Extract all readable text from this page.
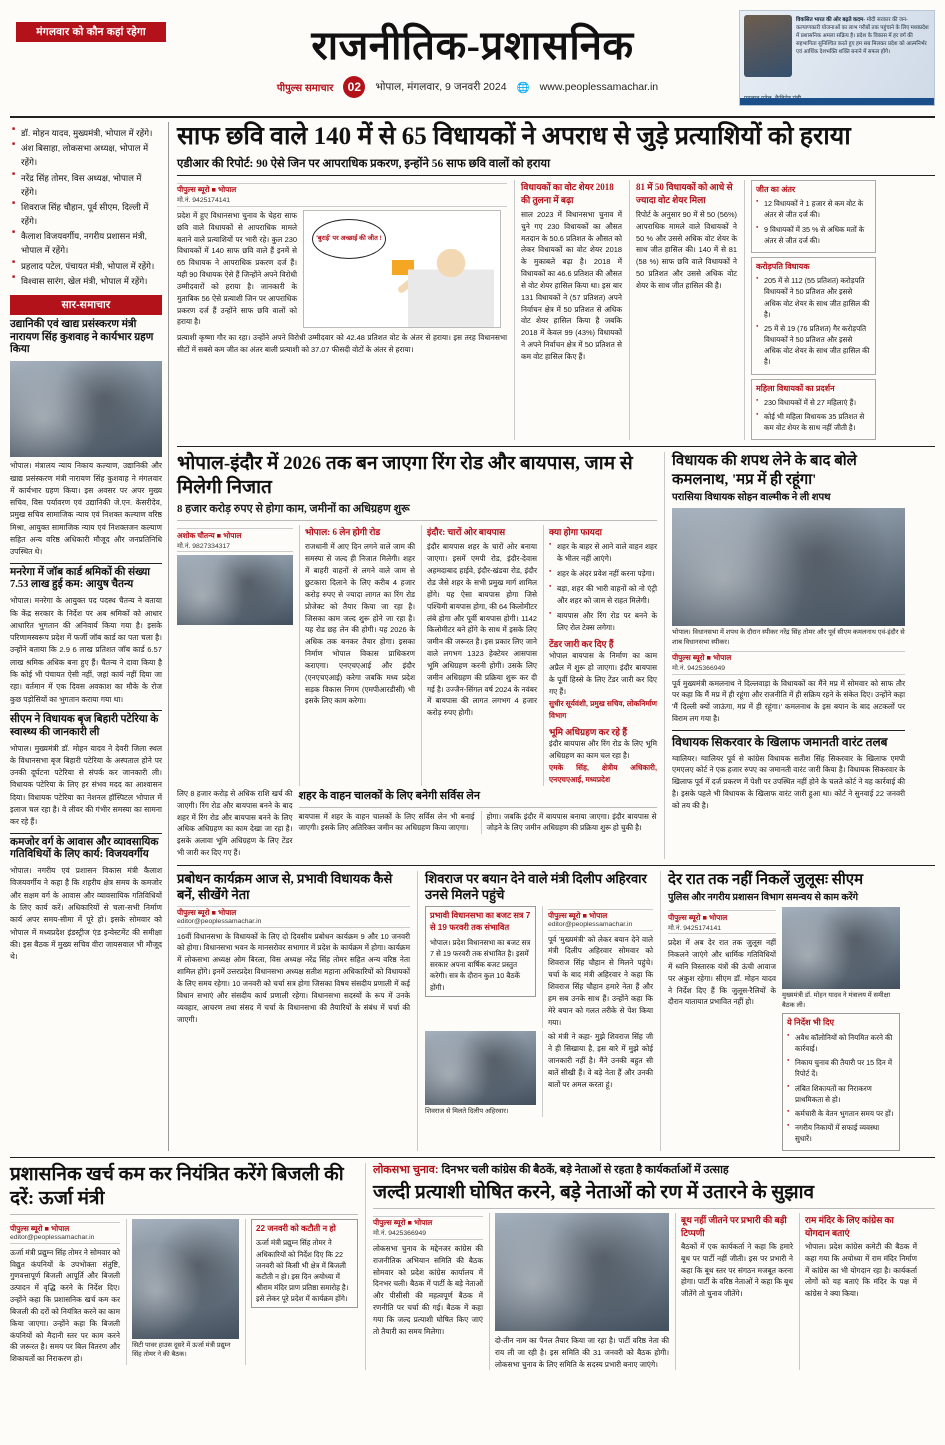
मंगलवार को कौन कहां रहेगा	राजनीतिक-प्रशासनिक
पीपुल्स समाचार	02	भोपाल, मंगलवार, 9 जनवरी 2024 🌐 www.peoplessamachar.in
विकसित भारत की ओर बढ़ते कदम- मोदी सरकार की जन-कल्याणकारी योजनाओं का लाभ गरीबों तक पहुंचाने के लिए मध्यप्रदेश में प्रशासनिक अमला सक्रिय है। प्रदेश के विकास में हर वर्ग की सहभागिता सुनिश्चित करते हुए हम सब मिलकर प्रदेश को आत्मनिर्भर एवं आर्थिक देशभक्ति शक्ति बनाने में सफल होंगे।
■ डॉ. मोहन यादव, मुख्यमंत्री, भोपाल में रहेंगे।
■ अंश बिसाहा, लोकसभा अध्यक्ष, भोपाल में रहेंगे।
■ नरेंद्र सिंह तोमर, विस अध्यक्ष, भोपाल में रहेंगे।
■ शिवराज सिंह चौहान, पूर्व सीएम, दिल्ली में रहेंगे।
■ कैलाश विजयवर्गीय, नगरीय प्रशासन मंत्री, भोपाल में रहेंगे।
■ प्रहलाद पटेल, पंचायत मंत्री, भोपाल में रहेंगे।
■ विश्वास सारंग, खेल मंत्री, भोपाल में रहेंगे।
सार-समाचार
उद्यानिकी एवं खाद्य प्रसंस्करण मंत्री नारायण सिंह कुशवाह ने कार्यभार ग्रहण किया
भोपाल। मंत्रालय न्याय निकाय कल्याण, उद्यानिकी और खाद्य प्रसंस्करण मंत्री नारायण सिंह कुशवाह ने मंगलवार में कार्यभार ग्रहण किया। इस अवसर पर अपर मुख्य सचिव, विस पर्यावरण एवं उद्यानिकी जे.एन. केसरीदेव, प्रमुख सचिव सामाजिक न्याय एवं निशक्त कल्याण वरिष्ठ मिश्रा, आयुक्त सामाजिक न्याय एवं निशक्तजन कल्याण सहित अन्य वरिष्ठ अधिकारी मौजूद और जनप्रतिनिधि उपस्थित थे।
मनरेगा में जॉब कार्ड श्रमिकों की संख्या 7.53 लाख हुई कम: आयुष चैतन्य
भोपाल। मनरेगा के आयुक्त पद पदस्थ चैतन्य ने बताया कि केंद्र सरकार के निर्देश पर अब श्रमिकों को आधार आधारित भुगतान की अनिवार्य किया गया है। इसके परिणामस्वरूप प्रदेश में फर्जी जॉब कार्ड का पता चला है। उन्होंने बताया कि 2.9 6 लाख प्रतिशत जॉब कार्ड 6.57 लाख श्रमिक अधिक बना हुए हैं। चैतन्य ने दावा किया है कि कोई भी पंचायत ऐसी नहीं, जहां कार्य नहीं दिया जा रहा। वर्तमान में एक दिवस अवकाश का मौके के रोज कुछ पड़ोसियों का भुगतान कराया गया था।
सीएम ने विधायक बृज बिहारी पटेरिया के स्वास्थ्य की जानकारी ली
भोपाल। मुख्यमंत्री डॉ. मोहन यादव ने देवरी जिला स्थल के विधानसभा बृज बिहारी पटेरिया के अस्पताल होने पर उनकी दूर्घटना पटेरिया से संपर्क कर जानकारी ली। विधायक पटेरिया के लिए हर संभव मदद का आश्वासन दिया। विधायक पटेरिया का नेशनल हॉस्पिटल भोपाल में इलाज चल रहा है। वे लीवर की गंभीर समस्या का सामना कर रहे हैं।
कमजोर वर्ग के आवास और व्यावसायिक गतिविधियों के लिए कार्य: विजयवर्गीय
भोपाल। नगरीय एवं प्रशासन विकास मंत्री कैलाश विजयवर्गीय ने कहा है कि शहरीय क्षेत्र समय के कमजोर और सक्षम वर्ग के आवास और व्यावसायिक गतिविधियों के लिए कार्य करें। अधिकारियों से चला-सभी निर्माण कार्य अपर समय-सीमा में पूरे हो। इसके सोमवार को भोपाल में मध्यप्रदेश इंडस्ट्रीज एंड इन्वेस्टमेंट की समीक्षा की। इस बैठक में मुख्य सचिव वीरा जायसवाल भी मौजूद थे।
साफ छवि वाले 140 में से 65 विधायकों ने अपराध से जुड़े प्रत्याशियों को हराया
एडीआर की रिपोर्ट: 90 ऐसे जिन पर आपराधिक प्रकरण, इन्होंने 56 साफ छवि वालों को हराया
पीपुल्स ब्यूरो ■ भोपाल
मो.नं. 9425174141
प्रदेश में हुए विधानसभा चुनाव के चेहरा साफ छवि वाले विधायकों से आपराधिक मामले बताने वाले प्रत्याशियों पर भारी रहे। कुल 230 विधायकों में 140 साफ छवि वाले हैं इनमें से 65 विधायक ने आपराधिक प्रकरण दर्ज हैं। यही 90 विधायक ऐसे हैं जिन्होंने अपने विरोधी उम्मीदवारों को हराया है। जानकारी के मुताबिक 56 ऐसे प्रत्याशी जिन पर आपराधिक प्रकरण दर्ज हैं उन्होंने साफ छवि वालों को हराया है।
'बुराई' पर अच्छाई की जीत !
प्रत्याशी कृष्णा गौर का रहा। उन्होंने अपने विरोधी उम्मीदवार को 42.48 प्रतिशत वोट के अंतर से हराया। इस तरह विधानसभा सीटों में सबसे कम जीत का अंतर बाली प्रत्याशी को 37.07 फीसदी वोटों के अंतर से हराया।
विधायकों का वोट शेयर 2018 की तुलना में बढ़ा
साल 2023 में विधानसभा चुनाव में चुने गए 230 विधायकों का औसत मतदान के 50.6 प्रतिशत के औसत को लेकर विधायकों का वोट शेयर 2018 के मुकाबले बढ़ा है। 2018 में विधायकों का 46.6 प्रतिशत की औसत से वोट शेयर हासिल किया था। इस बार 131 विधायकों ने (57 प्रतिशत) अपने निर्वाचन क्षेत्र में 50 प्रतिशत से अधिक वोट शेयर हासिल किया है जबकि 2018 में केवल 99 (43%) विधायकों ने अपने निर्वाचन क्षेत्र में 50 प्रतिशत से कम वोट हासिल किए हैं।
81 में 50 विधायकों को आधे से ज्यादा वोट शेयर मिला
रिपोर्ट के अनुसार 90 में से 50 (56%) आपराधिक मामले वाले विधायकों ने 50 % और उससे अधिक वोट शेयर के साथ जीत हासिल की। 140 में से 81 (58 %) साफ छवि वाले विधायकों ने 50 प्रतिशत और उससे अधिक वोट शेयर के साथ जीत हासिल की है।
जीत का अंतर
● 12 विधायकों ने 1 हजार से कम वोट के अंतर से जीत दर्ज की।
● 9 विधायकों में 35 % से अधिक मतों के अंतर से जीत दर्ज की।
करोड़पति विधायक
● 205 में से 112 (55 प्रतिशत) करोड़पति विधायकों ने 50 प्रतिशत और इससे अधिक वोट शेयर के साथ जीत हासिल की है।
● 25 में से 19 (76 प्रतिशत) गैर करोड़पति विधायकों ने 50 प्रतिशत और इससे अधिक वोट शेयर के साथ जीत हासिल की है।
महिला विधायकों का प्रदर्शन
● 230 विधायकों में से 27 महिलाएं हैं।
● कोई भी महिला विधायक 35 प्रतिशत से कम वोट शेयर के साथ नहीं जीती है।
भोपाल-इंदौर में 2026 तक बन जाएगा रिंग रोड और बायपास, जाम से मिलेगी निजात
8 हजार करोड़ रुपए से होगा काम, जमीनों का अधिग्रहण शुरू
अशोक चौतन्य ■ भोपाल
मो.नं. 9827334317
भोपाल: 6 लेन होगी रोड
राजधानी में आए दिन लगने वाले जाम की समस्या से जल्द ही निजात मिलेगी। शहर में बाहरी वाहनों से लगने वाले जाम से छुटकारा दिलाने के लिए करीब 4 हजार करोड़ रुपए से ज्यादा लागत का रिंग रोड प्रोजेक्ट को तैयार किया जा रहा है। जिसका काम जल्द शुरू होने जा रहा है। यह रोड छह लेन की होगी। यह 2026 के अधिक तक बनकर तैयार होगा। इसका निर्माण भोपाल विकास प्राधिकरण कराएगा। एनएचएआई और इंदौर (एनएचएआई) करेगा जबकि मध्य प्रदेश सड़क विकास निगम (एमपीआरडीसी) भी इसके लिए काम करेगा।
इंदौर: चारों ओर बायपास
इंदौर बायपास शहर के चारों ओर बनाया जाएगा। इसमें एमपी रोड, इंदौर-देवास अहमदाबाद हाईवे, इंदौर-खंडवा रोड, इंदौर रोड जैसे शहर के सभी प्रमुख मार्ग शामिल होंगे। यह ऐसा बायपास होगा जिसे पश्चिमी बायपास होगा, की 64 किलोमीटर लंबे होगा और पूर्वी बायपास होगी। 1142 किलोमीटर बने होंगे के साथ में इसके लिए जमीन की जरूरत है। इस प्रकार लिए जाने वाले लगभग 1323 हेक्टेयर आसपास भूमि अधिग्रहण करनी होगी। उसके लिए जमीन अधिग्रहण की प्रक्रिया शुरू कर दी गई है। उज्जैन-सिंगल वर्ष 2024 के नवंबर में बायपास की लागत लगभग 4 हजार करोड़ रुपए होगी।
क्या होगा फायदा
● शहर के बाहर से आने वाले वाहन शहर के भीतर नहीं आएंगे।
● शहर के अंदर प्रवेश नहीं करना पड़ेगा।
● बड़ा, शहर की भारी वाहनों को नो एंट्री और शहर को जाम से राहत मिलेगी।
● बायपास और रिंग रोड पर बनने के लिए रोल टेक्स लगेगा।
टेंडर जारी कर दिए हैं
भोपाल बायपास के निर्माण का काम अप्रैल में शुरू हो जाएगा। इंदौर बायपास के पूर्वी हिस्से के लिए टेंडर जारी कर दिए गए हैं।
सुधीर सूर्यवंशी, प्रमुख सचिव, लोकनिर्माण विभाग
भूमि अधिग्रहण कर रहे हैं
इंदौर बायपास और रिंग रोड के लिए भूमि अधिग्रहण का काम चल रहा है।
एमके सिंह, क्षेत्रीय अधिकारी, एनएचएआई, मध्यप्रदेश
लिए 8 हजार करोड़ से अधिक राशि खर्च की जाएगी। रिंग रोड और बायपास बनने के बाद शहर में रिंग रोड और बायपास बनने के लिए अधिक अधिग्रहण का काम देखा जा रहा है। इसके अलावा भूमि अधिग्रहण के लिए टेंडर भी जारी कर दिए गए हैं।
शहर के वाहन चालकों के लिए बनेगी सर्विस लेन
बायपास में शहर के वाहन चालकों के लिए सर्विस लेन भी बनाई जाएगी। इसके लिए अतिरिक्त जमीन का अधिग्रहण किया जाएगा।
होगा। जबकि इंदौर में बायपास बनाया जाएगा। इंदौर बायपास से जोड़ने के लिए जमीन अधिग्रहण की प्रक्रिया शुरू हो चुकी है।
विधायक की शपथ लेने के बाद बोले कमलनाथ, 'मप्र में ही रहूंगा'
परासिया विधायक सोहन वाल्मीक ने ली शपथ
भोपाल। विधानसभा में शपथ के दौरान स्पीकर नरेंद्र सिंह तोमर और पूर्व सीएम कमलनाथ एवं-इंदौर से शाब विधानसभा स्पीकर।
पीपुल्स ब्यूरो ■ भोपाल
मो.नं. 9425366949
पूर्व मुख्यमंत्री कमलनाथ ने दिल्लवाड़ा के विधायकों का मैंने मप्र में सोमवार को साफ तौर पर कहा कि मैं मप्र में ही रहूंगा और राजनीति में ही सक्रिय रहने के संकेत दिए। उन्होंने कहा 'मैं दिल्ली क्यों जाऊंगा, मप्र में ही रहूंगा।' कमलनाथ के इस बयान के बाद अटकलों पर विराम लग गया है।
विधायक सिकरवार के खिलाफ जमानती वारंट तलब
ग्वालियर। ग्वालियर पूर्व से कांग्रेस विधायक सतीश सिंह सिकरवार के खिलाफ एमपी एमएलए कोर्ट ने एक हजार रुपए का जमानती वारंट जारी किया है। विधायक सिकरवार के खिलाफ पूर्व में दर्ज प्रकरण में पेशी पर उपस्थित नहीं होने के चलते कोर्ट ने यह कार्रवाई की है। इसके पहले भी विधायक के खिलाफ वारंट जारी हुआ था। कोर्ट ने सुनवाई 22 जनवरी को तय की है।
प्रबोधन कार्यक्रम आज से, प्रभावी विधायक कैसे बनें, सीखेंगे नेता
पीपुल्स ब्यूरो ■ भोपाल
editor@peoplessamachar.in
16वीं विधानसभा के विधायकों के लिए दो दिवसीय प्रबोधन कार्यक्रम 9 और 10 जनवरी को होगा। विधानसभा भवन के मानसरोवर सभागार में प्रदेश के कार्यक्रम में होगा। कार्यक्रम में लोकसभा अध्यक्ष ओम बिरला, विस अध्यक्ष नरेंद्र सिंह तोमर सहित अन्य वरिष्ठ नेता शामिल होंगे। इनमें उत्तरप्रदेश विधानसभा अध्यक्ष सतीश महाना अधिकारियों को विधायकों के लिए समय रहेगा। 10 जनवरी को चर्चा सत्र होगा जिसका विषय संसदीय प्रणाली में कई विधान सभाएं और संसदीय कार्य प्रणाली रहेगा। विधानसभा सदस्यों के रूप में उनके व्यवहार, आचरण तथा संसद में चर्चा के विधानसभा की तैयारियों के संबंध में चर्चा की जाएगी।
शिवराज पर बयान देने वाले मंत्री दिलीप अहिरवार उनसे मिलने पहुंचे
प्रभावी विधानसभा का बजट सत्र 7 से 19 फरवरी तक संभावित
भोपाल। प्रदेश विधानसभा का बजट सत्र 7 से 19 फरवरी तक संभावित है। इसमें सरकार अपना वार्षिक बजट प्रस्तुत करेगी। सत्र के दौरान कुल 10 बैठकें होंगी।
पीपुल्स ब्यूरो ■ भोपाल
editor@peoplessamachar.in
पूर्व 'मुख्यमंत्री' को लेकर बयान देने वाले मंत्री दिलीप अहिरवार सोमवार को शिवराज सिंह चौहान से मिलने पहुंचे। चर्चा के बाद मंत्री अहिरवार ने कहा कि शिवराज सिंह चौहान हमारे नेता हैं और हम सब उनके साथ हैं। उन्होंने कहा कि मेरे बयान को गलत तरीके से पेश किया गया।
शिवराज से मिलते दिलीप अहिरवार।
को मंत्री ने कहा- मुझे शिवराज सिंह जी ने ही सिखाया है, इस बारे में मुझे कोई जानकारी नहीं है। मैंने उनकी बहुत सी बातें सीखी हैं। वे बड़े नेता हैं और उनकी बातों पर अमल करता हूं।
देर रात तक नहीं निकलें जुलूसः सीएम
पुलिस और नगरीय प्रशासन विभाग समन्वय से काम करेंगे
पीपुल्स ब्यूरो ■ भोपाल
मो.नं. 9425174141
प्रदेश में अब देर रात तक जुलूस नहीं निकलने जाएंगे और धार्मिक गतिविधियों में ध्वनि विस्तारक यंत्रों की ऊंची आवाज पर अंकुश रहेगा। सीएम डॉ. मोहन यादव ने निर्देश दिए हैं कि जुलूस-रैलियों के दौरान यातायात प्रभावित नहीं हो।
मुख्यमंत्री डॉ. मोहन यादव ने मंत्रालय में समीक्षा बैठक ली।
ये निर्देश भी दिए
● अवैध कॉलोनियों को नियमित करने की कार्रवाई।
● निकाय चुनाव की तैयारी पर 15 दिन में रिपोर्ट दें।
● लंबित शिकायतों का निराकरण प्राथमिकता से हो।
● कर्मचारी के वेतन भुगतान समय पर हों।
● नगरीय निकायों में सफाई व्यवस्था सुधारें।
प्रशासनिक खर्च कम कर नियंत्रित करेंगे बिजली की दरें: ऊर्जा मंत्री
पीपुल्स ब्यूरो ■ भोपाल
editor@peoplessamachar.in
ऊर्जा मंत्री प्रद्युम्न सिंह तोमर ने सोमवार को विद्युत कंपनियों के उपभोक्ता संतुष्टि, गुणवत्तापूर्ण बिजली आपूर्ति और बिजली उत्पादन में वृद्धि करने के निर्देश दिए। उन्होंने कहा कि प्रशासनिक खर्च कम कर बिजली की दरों को नियंत्रित करने का काम किया जाएगा। उन्होंने कहा कि बिजली कंपनियों को मैदानी स्तर पर काम करने की जरूरत है। समय पर बिल वितरण और शिकायतों का निराकरण हो।
सिटी पावर हाउस दूसरे में ऊर्जा मंत्री प्रद्युम्न सिंह तोमर ने की बैठक।
22 जनवरी को कटौती न हो
ऊर्जा मंत्री प्रद्युम्न सिंह तोमर ने अधिकारियों को निर्देश दिए कि 22 जनवरी को किसी भी क्षेत्र में बिजली कटौती न हो। इस दिन अयोध्या में श्रीराम मंदिर प्राण प्रतिष्ठा समारोह है। इसे लेकर पूरे प्रदेश में कार्यक्रम होंगे।
लोकसभा चुनाव: दिनभर चली कांग्रेस की बैठकें, बड़े नेताओं से रहता है कार्यकर्ताओं में उत्साह
जल्दी प्रत्याशी घोषित करने, बड़े नेताओं को रण में उतारने के सुझाव
पीपुल्स ब्यूरो ■ भोपाल
मो.नं. 9425366949
लोकसभा चुनाव के मद्देनजर कांग्रेस की राजनीतिक अभियान समिति की बैठक सोमवार को प्रदेश कांग्रेस कार्यालय में दिनभर चली। बैठक में पार्टी के बड़े नेताओं और पीसीसी की महत्वपूर्ण बैठक में रणनीति पर चर्चा की गई। बैठक में कहा गया कि जल्द प्रत्याशी घोषित किए जाएं तो तैयारी का समय मिलेगा।
दो-तीन नाम का पैनल तैयार किया जा रहा है। पार्टी वरिष्ठ नेता की राय ली जा रही है। इस समिति की 31 जनवरी को बैठक होगी। लोकसभा चुनाव के लिए समिति के सदस्य प्रभारी बनाए जाएंगे।
बूथ नहीं जीतने पर प्रभारी की बड़ी टिप्पणी
बैठकों में एक कार्यकर्ता ने कहा कि हमारे बूथ पर पार्टी नहीं जीती। इस पर प्रभारी ने कहा कि बूथ स्तर पर संगठन मजबूत करना होगा। पार्टी के वरिष्ठ नेताओं ने कहा कि बूथ जीतेंगे तो चुनाव जीतेंगे।
राम मंदिर के लिए कांग्रेस का योगदान बताएं
भोपाल। प्रदेश कांग्रेस कमेटी की बैठक में कहा गया कि अयोध्या में राम मंदिर निर्माण में कांग्रेस का भी योगदान रहा है। कार्यकर्ता लोगों को यह बताएं कि मंदिर के पक्ष में कांग्रेस ने क्या किया।
